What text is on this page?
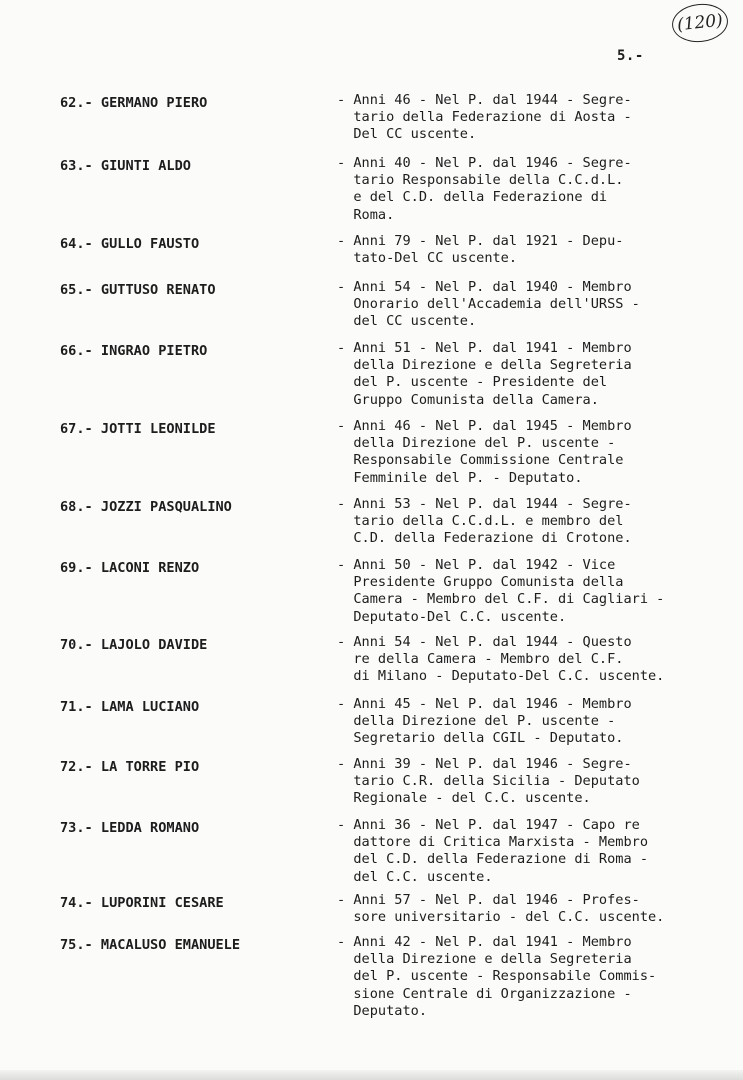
(120)
5.-
62.- GERMANO PIERO	- Anni 46 - Nel P. dal 1944 - Segre-
tario della Federazione di Aosta -
Del CC uscente.
63.- GIUNTI ALDO	- Anni 40 - Nel P. dal 1946 - Segre-
tario Responsabile della C.C.d.L.
e del C.D. della Federazione di
Roma.
64.- GULLO FAUSTO	- Anni 79 - Nel P. dal 1921 - Depu-
tato-Del CC uscente.
65.- GUTTUSO RENATO	- Anni 54 - Nel P. dal 1940 - Membro
Onorario dell'Accademia dell'URSS -
del CC uscente.
66.- INGRAO PIETRO	- Anni 51 - Nel P. dal 1941 - Membro
della Direzione e della Segreteria
del P. uscente - Presidente del
Gruppo Comunista della Camera.
67.- JOTTI LEONILDE	- Anni 46 - Nel P. dal 1945 - Membro
della Direzione del P. uscente -
Responsabile Commissione Centrale
Femminile del P. - Deputato.
68.- JOZZI PASQUALINO	- Anni 53 - Nel P. dal 1944 - Segre-
tario della C.C.d.L. e membro del
C.D. della Federazione di Crotone.
69.- LACONI RENZO	- Anni 50 - Nel P. dal 1942 - Vice
Presidente Gruppo Comunista della
Camera - Membro del C.F. di Cagliari -
Deputato-Del C.C. uscente.
70.- LAJOLO DAVIDE	- Anni 54 - Nel P. dal 1944 - Questo
re della Camera - Membro del C.F.
di Milano - Deputato-Del C.C. uscente.
71.- LAMA LUCIANO	- Anni 45 - Nel P. dal 1946 - Membro
della Direzione del P. uscente -
Segretario della CGIL - Deputato.
72.- LA TORRE PIO	- Anni 39 - Nel P. dal 1946 - Segre-
tario C.R. della Sicilia - Deputato
Regionale - del C.C. uscente.
73.- LEDDA ROMANO	- Anni 36 - Nel P. dal 1947 - Capo re
dattore di Critica Marxista - Membro
del C.D. della Federazione di Roma -
del C.C. uscente.
74.- LUPORINI CESARE	- Anni 57 - Nel P. dal 1946 - Profes-
sore universitario - del C.C. uscente.
75.- MACALUSO EMANUELE	- Anni 42 - Nel P. dal 1941 - Membro
della Direzione e della Segreteria
del P. uscente - Responsabile Commis-
sione Centrale di Organizzazione -
Deputato.
